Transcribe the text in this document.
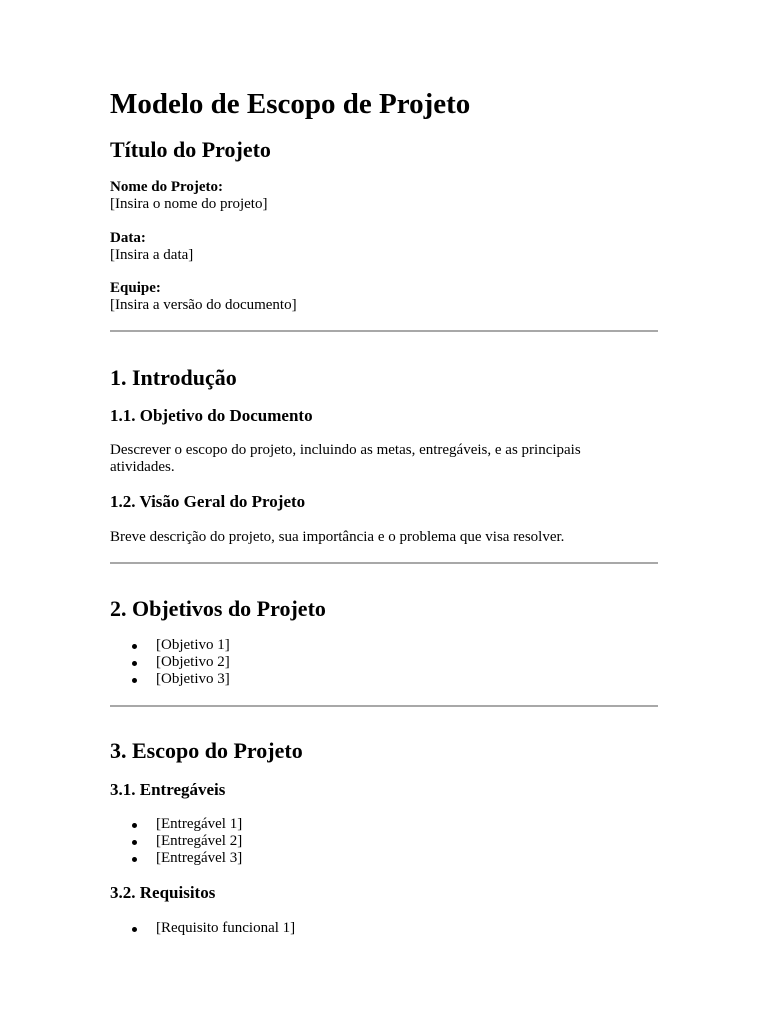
Modelo de Escopo de Projeto
Título do Projeto
Nome do Projeto:
[Insira o nome do projeto]
Data:
[Insira a data]
Equipe:
[Insira a versão do documento]
1. Introdução
1.1. Objetivo do Documento

Descrever o escopo do projeto, incluindo as metas, entregáveis, e as principais atividades.

1.2. Visão Geral do Projeto

Breve descrição do projeto, sua importância e o problema que visa resolver.

2. Objetivos do Projeto
[Objetivo 1]
[Objetivo 2]
[Objetivo 3]
3. Escopo do Projeto
3.1. Entregáveis
[Entregável 1]
[Entregável 2]
[Entregável 3]
3.2. Requisitos
[Requisito funcional 1]
